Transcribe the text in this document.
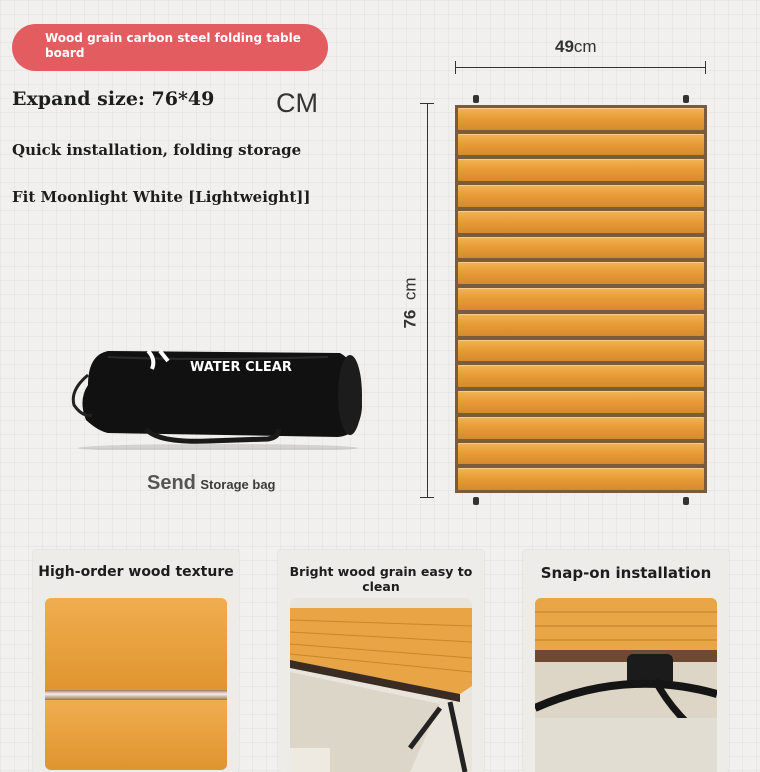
Wood grain carbon steel folding table board
Expand size: 76*49 CM
Quick installation, folding storage
Fit Moonlight White [Lightweight]]
49cm
76  cm
WATER CLEAR
Send Storage bag
High-order wood texture	Bright wood grain easy to clean
Snap-on installation
